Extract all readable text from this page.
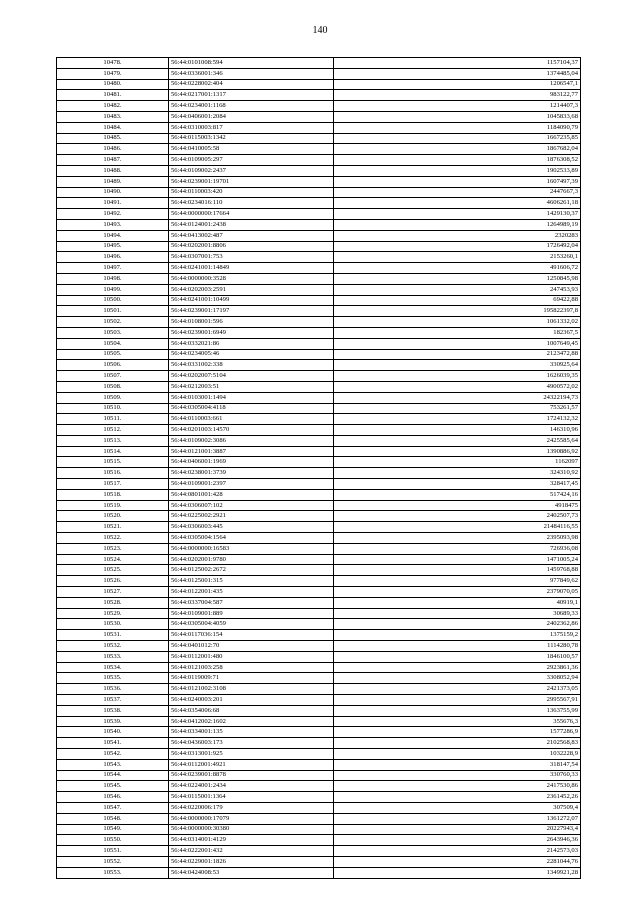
140
10478.	56:44:0101008:594	1157104,37
10479.	56:44:0336001:346	1374485,04
10480.	56:44:0228002:404	1206547,1
10481.	56:44:0217001:1317	983122,77
10482.	56:44:0234001:1168	1214407,3
10483.	56:44:0406001:2084	1045833,68
10484.	56:44:0310003:817	1184090,79
10485.	56:44:0115003:1342	1667235,85
10486.	56:44:0410005:58	1867682,04
10487.	56:44:0109005:297	1876308,52
10488.	56:44:0109002:2437	1902533,89
10489.	56:44:0239001:19701	1607497,39
10490.	56:44:0110003:420	2447667,3
10491.	56:44:0234016:110	4606261,18
10492.	56:44:0000000:17664	1429130,37
10493.	56:44:0124001:2438	1264989,19
10494.	56:44:0413002:487	2320283
10495.	56:44:0202001:8806	1726492,04
10496.	56:44:0307001:753	2153260,1
10497.	56:44:0241001:14849	491606,72
10498.	56:44:0000000:3528	1250845,98
10499.	56:44:0202003:2591	247453,93
10500.	56:44:0241001:10499	69422,88
10501.	56:44:0239001:17197	195822397,8
10502.	56:44:0108001:596	1061332,02
10503.	56:44:0239001:6949	182367,5
10504.	56:44:0332021:86	1007649,45
10505.	56:44:0234005:46	2123472,88
10506.	56:44:0331002:338	330925,64
10507.	56:44:0202007:5104	1626039,35
10508.	56:44:0212003:51	4900572,02
10509.	56:44:0103001:1494	24322194,73
10510.	56:44:0305004:4118	753261,57
10511.	56:44:0110003:661	1724132,32
10512.	56:44:0201003:14570	146310,96
10513.	56:44:0109002:3086	2425585,64
10514.	56:44:0121001:3887	1390886,92
10515.	56:44:0406001:1969	1162097
10516.	56:44:0238001:3739	324310,92
10517.	56:44:0109001:2397	328417,45
10518.	56:44:0801001:428	517424,16
10519.	56:44:0306007:102	4918475
10520.	56:44:0225002:2921	2402507,73
10521.	56:44:0306003:445	21484116,55
10522.	56:44:0305004:1564	2395093,98
10523.	56:44:0000000:16583	726936,08
10524.	56:44:0202001:9780	1471005,24
10525.	56:44:0125002:2672	1459768,88
10526.	56:44:0125001:315	977849,62
10527.	56:44:0122001:435	2379070,05
10528.	56:44:0337004:587	40919,1
10529.	56:44:0109001:889	30689,33
10530.	56:44:0305004:4059	2402362,86
10531.	56:44:0117036:154	1375159,2
10532.	56:44:0401012:70	1114280,78
10533.	56:44:0112001:480	1846100,57
10534.	56:44:0121003:258	2923861,36
10535.	56:44:0119009:71	3308052,94
10536.	56:44:0121002:3108	2421373,05
10537.	56:44:0240003:201	2995567,91
10538.	56:44:0354006:68	1363755,99
10539.	56:44:0412002:1602	355676,3
10540.	56:44:0334001:135	1577286,9
10541.	56:44:0436003:173	2102568,83
10542.	56:44:0313001:925	1032228,9
10543.	56:44:0112001:4921	318147,54
10544.	56:44:0239001:8878	330760,33
10545.	56:44:0224001:2434	2417530,86
10546.	56:44:0115001:1364	2361452,26
10547.	56:44:0220006:179	307509,4
10548.	56:44:0000000:17079	1361272,07
10549.	56:44:0000000:30380	20227943,4
10550.	56:44:0314001:4129	2643946,36
10551.	56:44:0222001:432	2142573,03
10552.	56:44:0229001:1826	2281044,76
10553.	56:44:0424008:53	1349921,28
